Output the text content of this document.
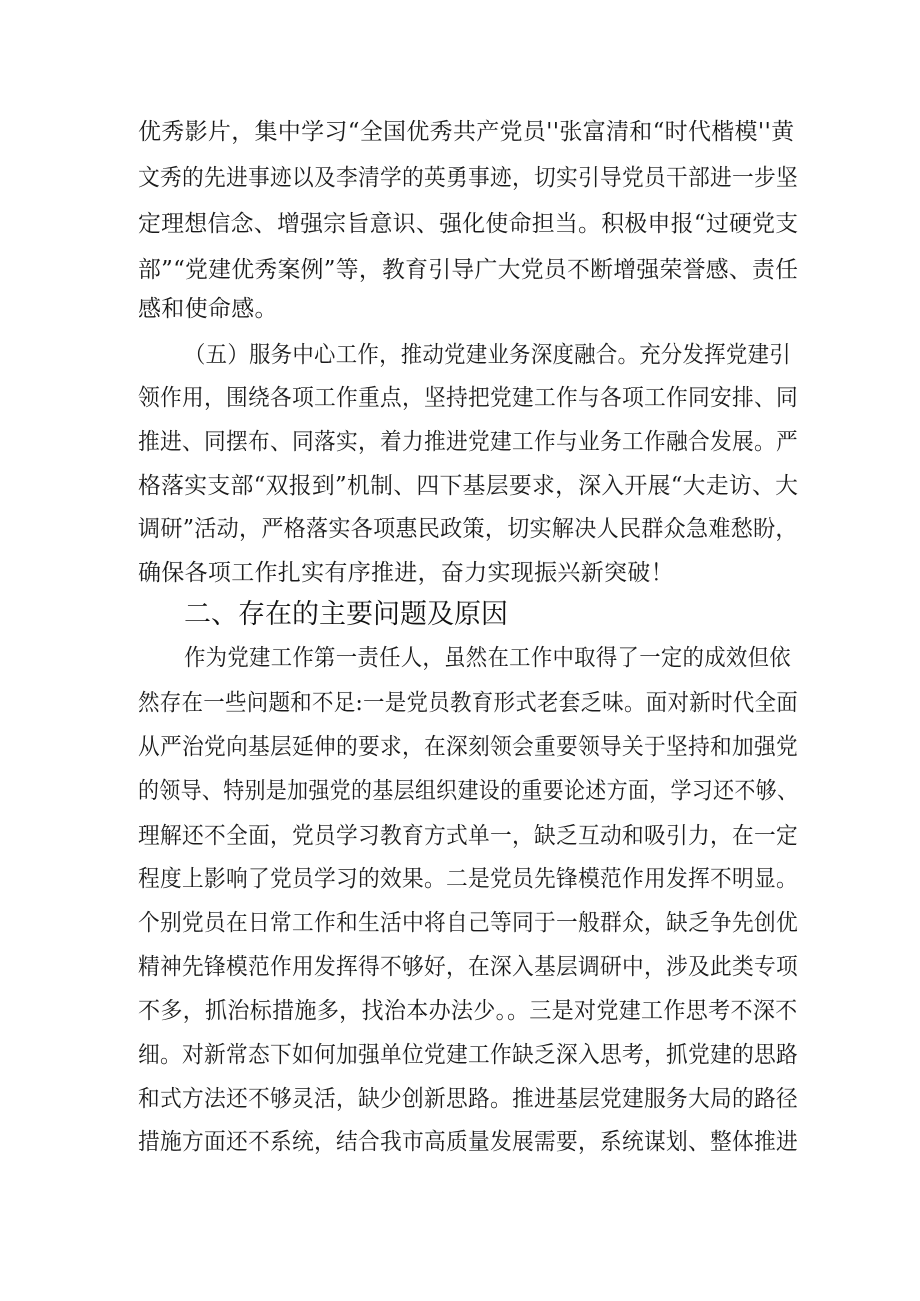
优秀影片，集中学习“全国优秀共产党员''张富清和“时代楷模''黄
文秀的先进事迹以及李清学的英勇事迹，切实引导党员干部进一步坚
定理想信念、增强宗旨意识、强化使命担当。积极申报“过硬党支
部”“党建优秀案例”等，教育引导广大党员不断增强荣誉感、责任
感和使命感。
（五）服务中心工作，推动党建业务深度融合。充分发挥党建引
领作用，围绕各项工作重点，坚持把党建工作与各项工作同安排、同
推进、同摆布、同落实，着力推进党建工作与业务工作融合发展。严
格落实支部“双报到”机制、四下基层要求，深入开展“大走访、大
调研”活动，严格落实各项惠民政策，切实解决人民群众急难愁盼，
确保各项工作扎实有序推进，奋力实现振兴新突破！
二、存在的主要问题及原因
作为党建工作第一责任人，虽然在工作中取得了一定的成效但依
然存在一些问题和不足:一是党员教育形式老套乏味。面对新时代全面
从严治党向基层延伸的要求，在深刻领会重要领导关于坚持和加强党
的领导、特别是加强党的基层组织建设的重要论述方面，学习还不够、
理解还不全面，党员学习教育方式单一，缺乏互动和吸引力，在一定
程度上影响了党员学习的效果。二是党员先锋模范作用发挥不明显。
个别党员在日常工作和生活中将自己等同于一般群众，缺乏争先创优
精神先锋模范作用发挥得不够好，在深入基层调研中，涉及此类专项
不多，抓治标措施多，找治本办法少。。三是对党建工作思考不深不
细。对新常态下如何加强单位党建工作缺乏深入思考，抓党建的思路
和式方法还不够灵活，缺少创新思路。推进基层党建服务大局的路径
措施方面还不系统，结合我市高质量发展需要，系统谋划、整体推进
